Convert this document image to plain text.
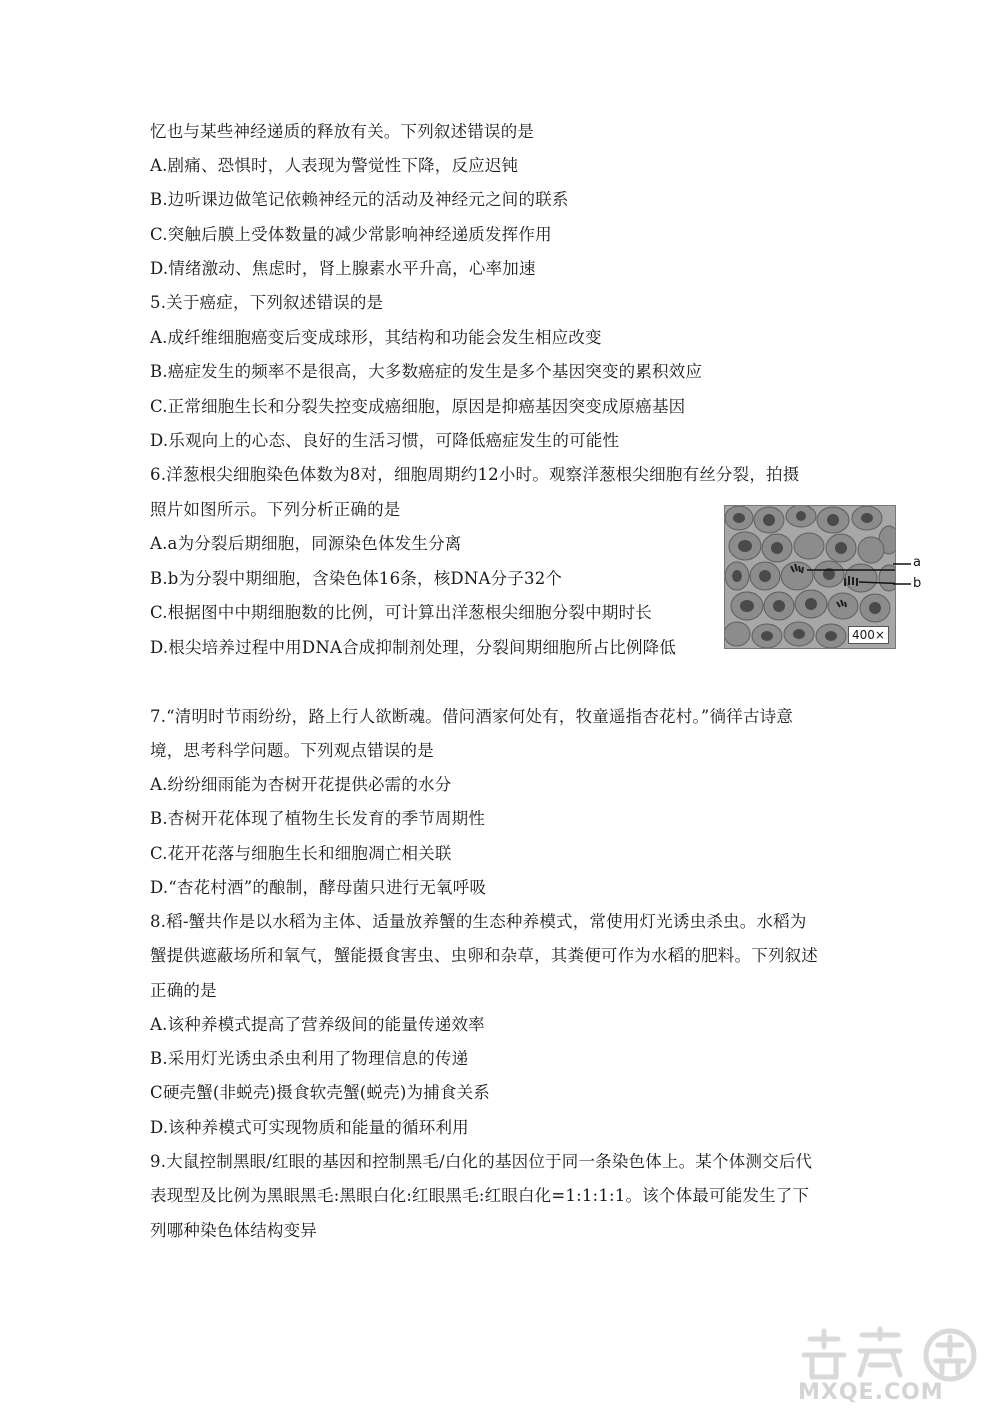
忆也与某些神经递质的释放有关。下列叙述错误的是
A.剧痛、恐惧时，人表现为警觉性下降，反应迟钝
B.边听课边做笔记依赖神经元的活动及神经元之间的联系
C.突触后膜上受体数量的减少常影响神经递质发挥作用
D.情绪激动、焦虑时，肾上腺素水平升高，心率加速
5.关于癌症，下列叙述错误的是
A.成纤维细胞癌变后变成球形，其结构和功能会发生相应改变
B.癌症发生的频率不是很高，大多数癌症的发生是多个基因突变的累积效应
C.正常细胞生长和分裂失控变成癌细胞，原因是抑癌基因突变成原癌基因
D.乐观向上的心态、良好的生活习惯，可降低癌症发生的可能性
6.洋葱根尖细胞染色体数为8对，细胞周期约12小时。观察洋葱根尖细胞有丝分裂，拍摄
照片如图所示。下列分析正确的是
A.a为分裂后期细胞，同源染色体发生分离
B.b为分裂中期细胞，含染色体16条，核DNA分子32个
C.根据图中中期细胞数的比例，可计算出洋葱根尖细胞分裂中期时长
D.根尖培养过程中用DNA合成抑制剂处理，分裂间期细胞所占比例降低
7.“清明时节雨纷纷，路上行人欲断魂。借问酒家何处有，牧童遥指杏花村。”徜徉古诗意
境，思考科学问题。下列观点错误的是
A.纷纷细雨能为杏树开花提供必需的水分
B.杏树开花体现了植物生长发育的季节周期性
C.花开花落与细胞生长和细胞凋亡相关联
D.“杏花村酒”的酿制，酵母菌只进行无氧呼吸
8.稻-蟹共作是以水稻为主体、适量放养蟹的生态种养模式，常使用灯光诱虫杀虫。水稻为
蟹提供遮蔽场所和氧气，蟹能摄食害虫、虫卵和杂草，其粪便可作为水稻的肥料。下列叙述
正确的是
A.该种养模式提高了营养级间的能量传递效率
B.采用灯光诱虫杀虫利用了物理信息的传递
C硬壳蟹(非蜕壳)摄食软壳蟹(蜕壳)为捕食关系
D.该种养模式可实现物质和能量的循环利用
9.大鼠控制黑眼/红眼的基因和控制黑毛/白化的基因位于同一条染色体上。某个体测交后代
表现型及比例为黑眼黑毛:黑眼白化:红眼黑毛:红眼白化=1:1:1:1。该个体最可能发生了下
列哪种染色体结构变异
400×
a
b
MXQE.COM
